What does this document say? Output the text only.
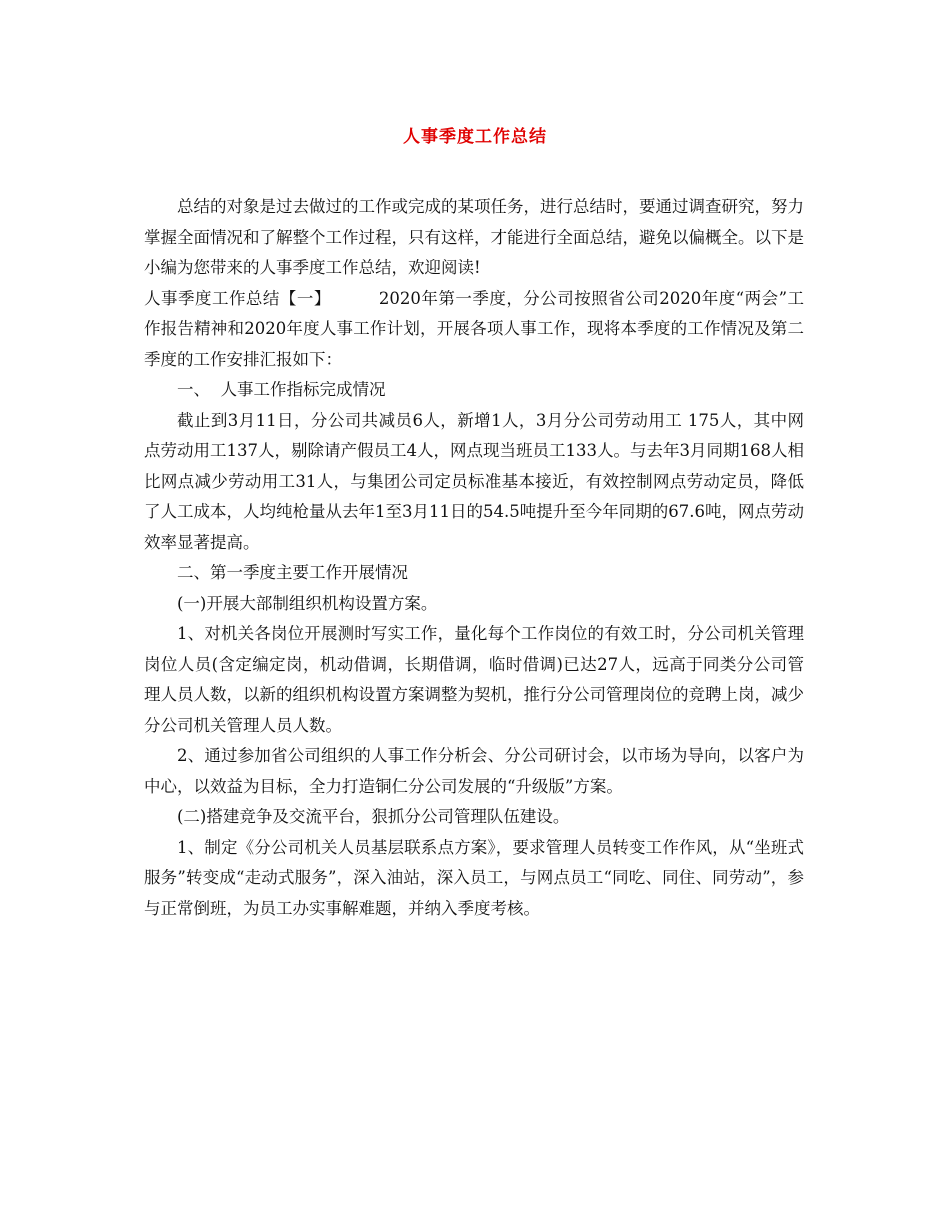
人事季度工作总结

总结的对象是过去做过的工作或完成的某项任务，进行总结时，要通过调查研究，努力掌握全面情况和了解整个工作过程，只有这样，才能进行全面总结，避免以偏概全。以下是小编为您带来的人事季度工作总结，欢迎阅读!

人事季度工作总结【一】	2020年第一季度，分公司按照省公司2020年度“两会”工作报告精神和2020年度人事工作计划，开展各项人事工作，现将本季度的工作情况及第二季度的工作安排汇报如下：

一、  人事工作指标完成情况

截止到3月11日，分公司共减员6人，新增1人，3月分公司劳动用工 175人，其中网点劳动用工137人，剔除请产假员工4人，网点现当班员工133人。与去年3月同期168人相比网点减少劳动用工31人，与集团公司定员标准基本接近，有效控制网点劳动定员，降低了人工成本，人均纯枪量从去年1至3月11日的54.5吨提升至今年同期的67.6吨，网点劳动效率显著提高。

二、第一季度主要工作开展情况

(一)开展大部制组织机构设置方案。

1、对机关各岗位开展测时写实工作，量化每个工作岗位的有效工时，分公司机关管理岗位人员(含定编定岗，机动借调，长期借调，临时借调)已达27人，远高于同类分公司管理人员人数，以新的组织机构设置方案调整为契机，推行分公司管理岗位的竞聘上岗，减少分公司机关管理人员人数。

2、通过参加省公司组织的人事工作分析会、分公司研讨会，以市场为导向，以客户为中心，以效益为目标，全力打造铜仁分公司发展的“升级版”方案。

(二)搭建竞争及交流平台，狠抓分公司管理队伍建设。

1、制定《分公司机关人员基层联系点方案》，要求管理人员转变工作作风，从“坐班式服务”转变成“走动式服务”，深入油站，深入员工，与网点员工“同吃、同住、同劳动”，参与正常倒班，为员工办实事解难题，并纳入季度考核。
